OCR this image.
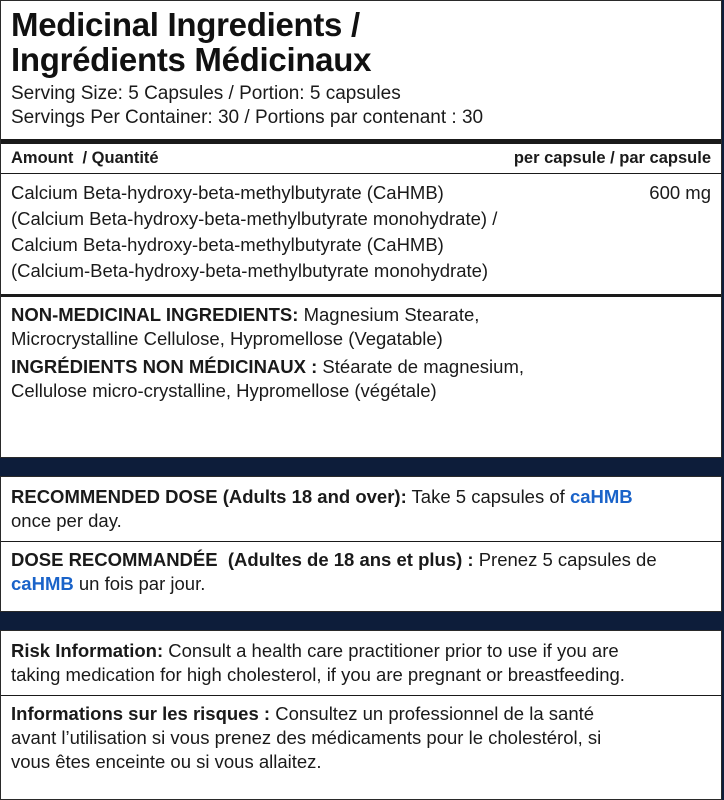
Medicinal Ingredients /
Ingrédients Médicinaux
Serving Size: 5 Capsules / Portion: 5 capsules
Servings Per Container: 30 / Portions par contenant : 30
Amount  / Quantité	per capsule / par capsule
Calcium Beta-hydroxy-beta-methylbutyrate (CaHMB)
(Calcium Beta-hydroxy-beta-methylbutyrate monohydrate) /
Calcium Beta-hydroxy-beta-methylbutyrate (CaHMB)
(Calcium-Beta-hydroxy-beta-methylbutyrate monohydrate)
600 mg
NON-MEDICINAL INGREDIENTS: Magnesium Stearate,
Microcrystalline Cellulose, Hypromellose (Vegatable)
INGRÉDIENTS NON MÉDICINAUX : Stéarate de magnesium,
Cellulose micro-crystalline, Hypromellose (végétale)
RECOMMENDED DOSE (Adults 18 and over): Take 5 capsules of caHMB
once per day.
DOSE RECOMMANDÉE  (Adultes de 18 ans et plus) : Prenez 5 capsules de
caHMB un fois par jour.
Risk Information: Consult a health care practitioner prior to use if you are
taking medication for high cholesterol, if you are pregnant or breastfeeding.
Informations sur les risques : Consultez un professionnel de la santé
avant l’utilisation si vous prenez des médicaments pour le cholestérol, si
vous êtes enceinte ou si vous allaitez.
